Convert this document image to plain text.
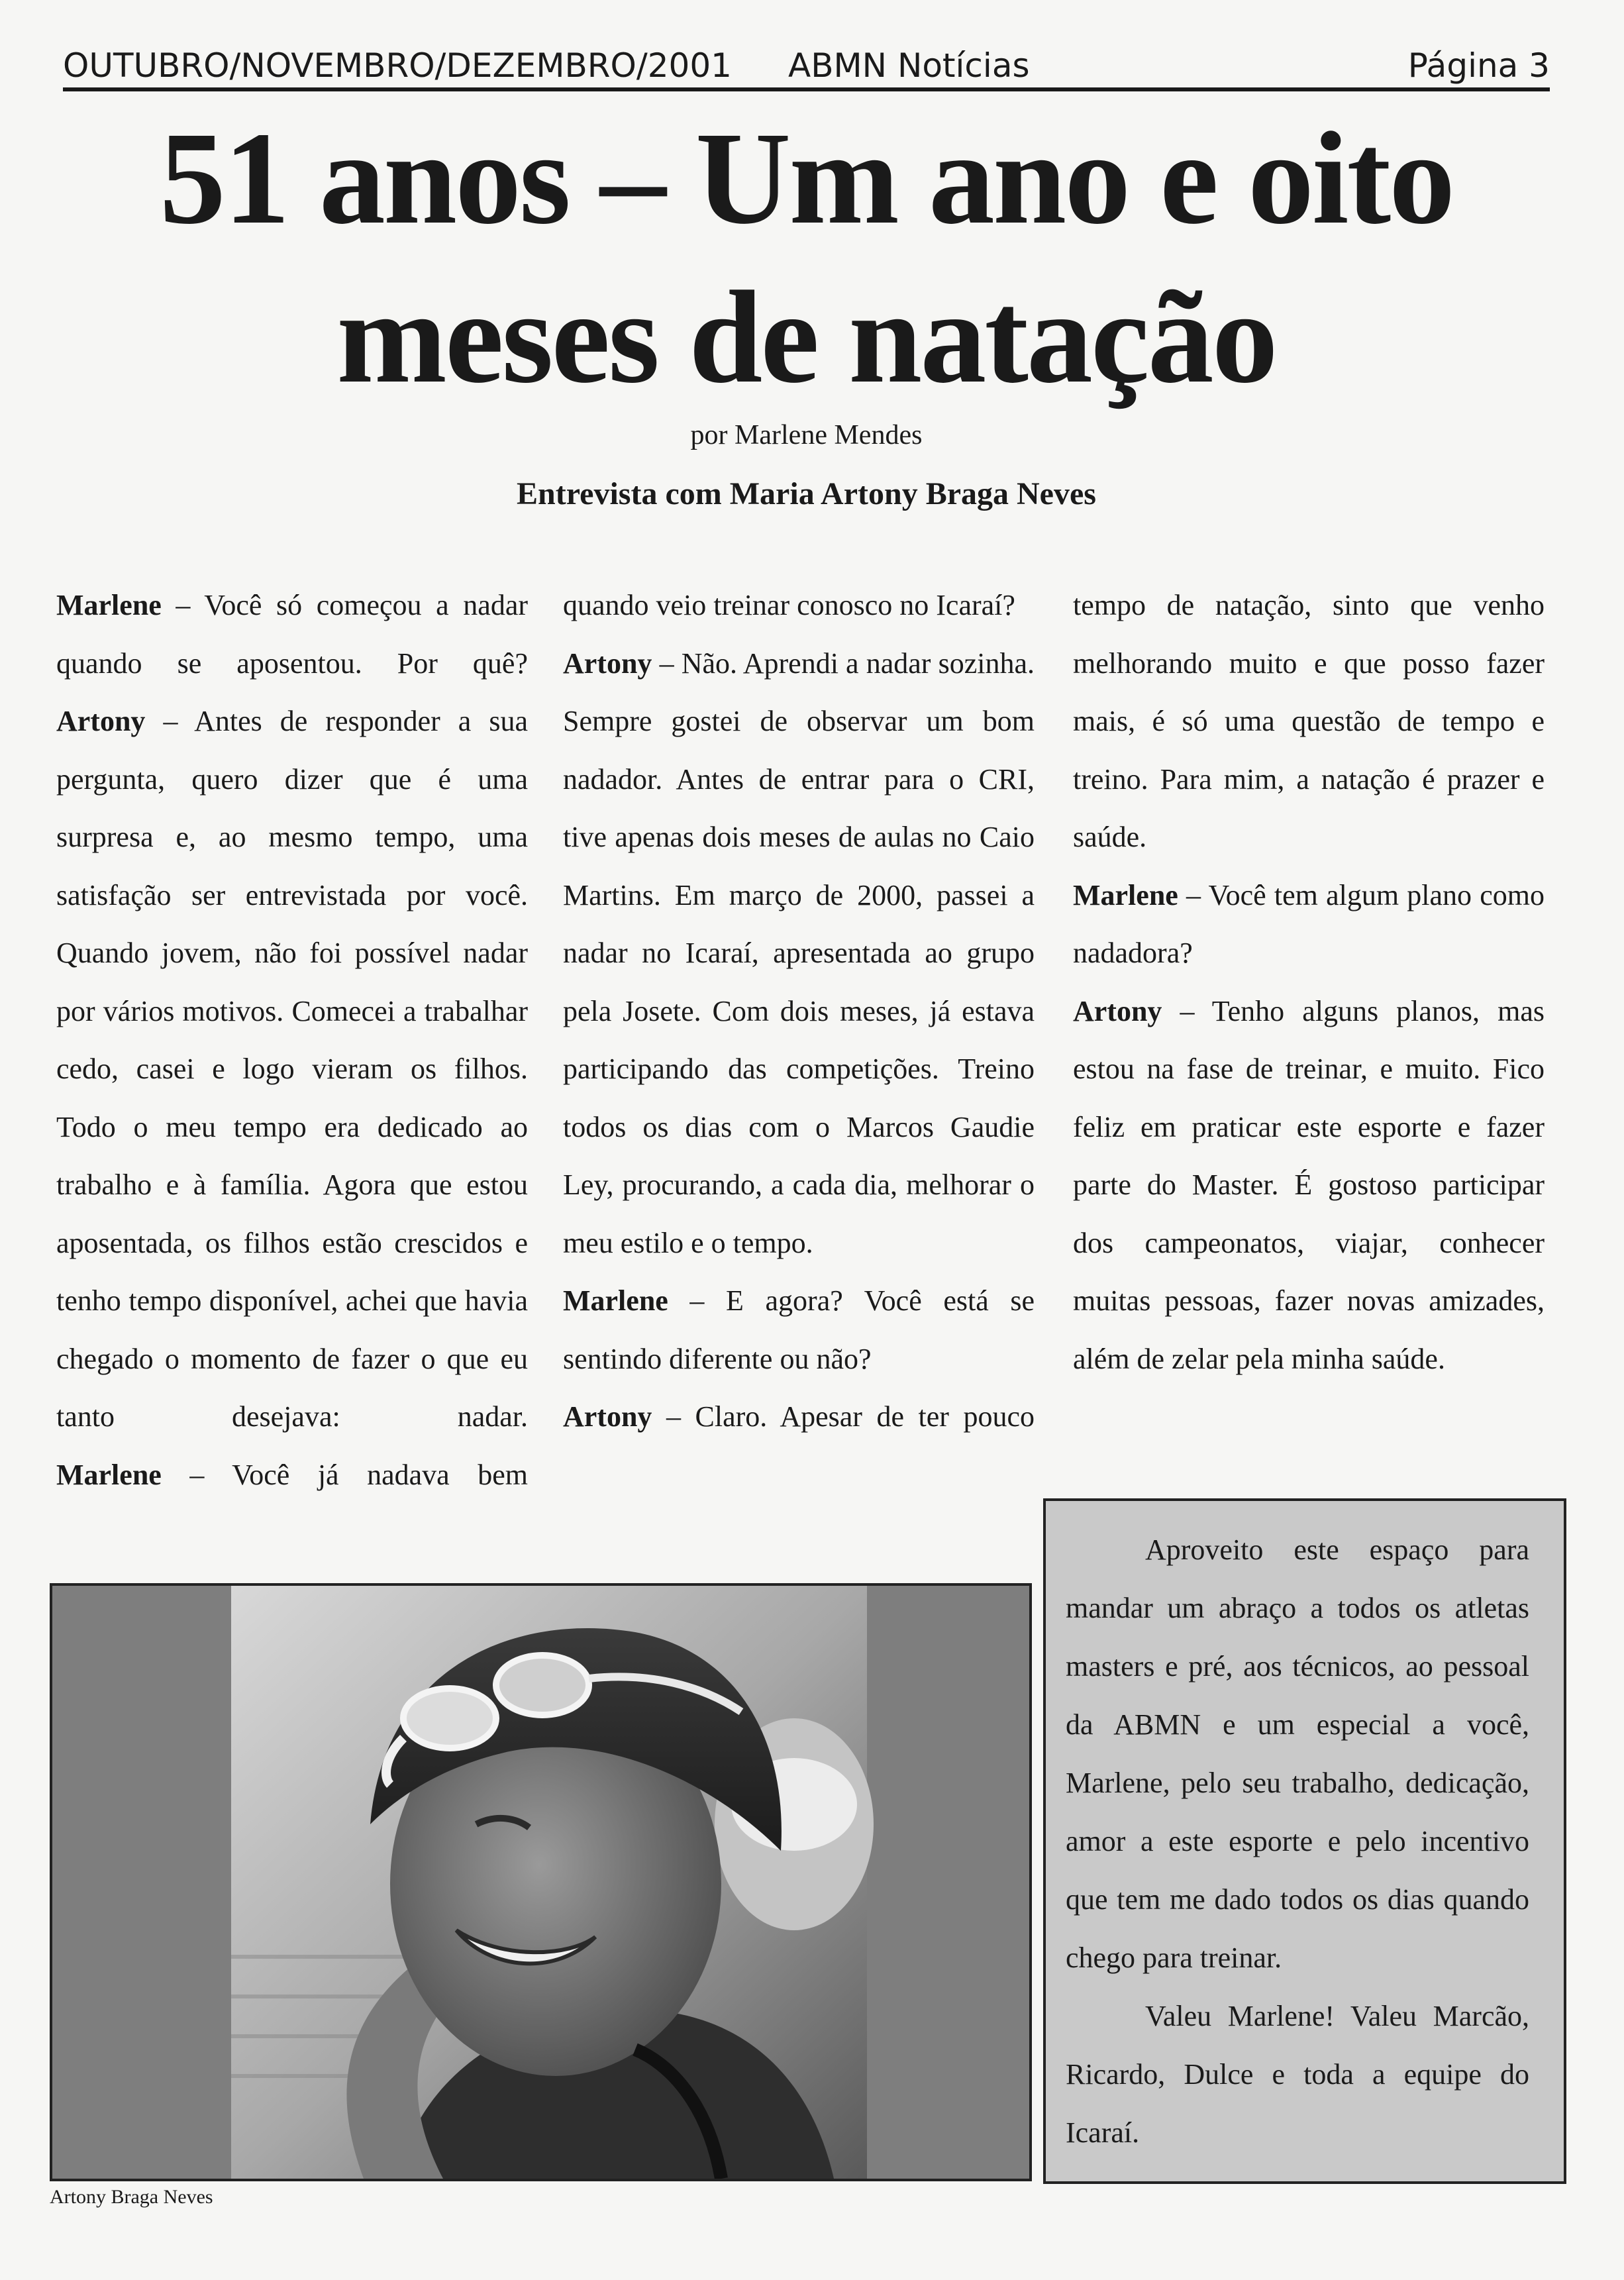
OUTUBRO/NOVEMBRO/DEZEMBRO/2001 ABMN Notícias	Página 3
51 anos – Um ano e oito
meses de natação
por Marlene Mendes
Entrevista com Maria Artony Braga Neves

Marlene – Você só começou a nadar quando se aposentou. Por quê?

Artony – Antes de responder a sua pergunta, quero dizer que é uma surpresa e, ao mesmo tempo, uma satisfação ser entrevistada por você. Quando jovem, não foi possível nadar por vários motivos. Comecei a trabalhar cedo, casei e logo vieram os filhos. Todo o meu tempo era dedicado ao trabalho e à família. Agora que estou aposentada, os filhos estão crescidos e tenho tempo disponível, achei que havia chegado o momento de fazer o que eu tanto desejava: nadar.

Marlene – Você já nadava bem

quando veio treinar conosco no Icaraí?

Artony – Não. Aprendi a nadar sozinha. Sempre gostei de observar um bom nadador. Antes de entrar para o CRI, tive apenas dois meses de aulas no Caio Martins. Em março de 2000, passei a nadar no Icaraí, apresentada ao grupo pela Josete. Com dois meses, já estava participando das competições. Treino todos os dias com o Marcos Gaudie Ley, procurando, a cada dia, melhorar o meu estilo e o tempo.

Marlene – E agora? Você está se sentindo diferente ou não?

Artony – Claro. Apesar de ter pouco

tempo de natação, sinto que venho melhorando muito e que posso fazer mais, é só uma questão de tempo e treino. Para mim, a natação é prazer e saúde.

Marlene – Você tem algum plano como nadadora?

Artony – Tenho alguns planos, mas estou na fase de treinar, e muito. Fico feliz em praticar este esporte e fazer parte do Master. É gostoso participar dos campeonatos, viajar, conhecer muitas pessoas, fazer novas amizades, além de zelar pela minha saúde.

Artony Braga Neves

Aproveito este espaço para mandar um abraço a todos os atletas masters e pré, aos técnicos, ao pessoal da ABMN e um especial a você, Marlene, pelo seu trabalho, dedicação, amor a este esporte e pelo incentivo que tem me dado todos os dias quando chego para treinar.

Valeu Marlene! Valeu Marcão, Ricardo, Dulce e toda a equipe do Icaraí.
